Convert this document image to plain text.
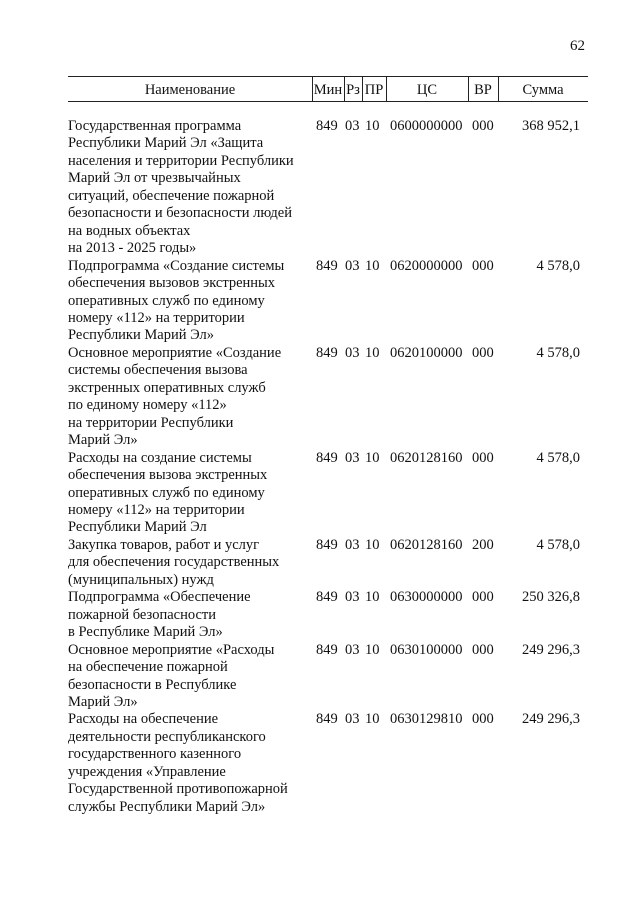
62
Наименование	Мин Рз ПР	ЦС	ВР	Сумма
Государственная программа
Республики Марий Эл «Защита
населения и территории Республики
Марий Эл от чрезвычайных
ситуаций, обеспечение пожарной
безопасности и безопасности людей
на водных объектах
на 2013 - 2025 годы»
849 03 10 0600000000 000	368 952,1
Подпрограмма «Создание системы
обеспечения вызовов экстренных
оперативных служб по единому
номеру «112» на территории
Республики Марий Эл»
849 03 10 0620000000 000	4 578,0
Основное мероприятие «Создание
системы обеспечения вызова
экстренных оперативных служб
по единому номеру «112»
на территории Республики
Марий Эл»
849 03 10 0620100000 000	4 578,0
Расходы на создание системы
обеспечения вызова экстренных
оперативных служб по единому
номеру «112» на территории
Республики Марий Эл
849 03 10 0620128160 000	4 578,0
Закупка товаров, работ и услуг
для обеспечения государственных
(муниципальных) нужд
849 03 10 0620128160 200	4 578,0
Подпрограмма «Обеспечение
пожарной безопасности
в Республике Марий Эл»
849 03 10 0630000000 000	250 326,8
Основное мероприятие «Расходы
на обеспечение пожарной
безопасности в Республике
Марий Эл»
849 03 10 0630100000 000	249 296,3
Расходы на обеспечение
деятельности республиканского
государственного казенного
учреждения «Управление
Государственной противопожарной
службы Республики Марий Эл»
849 03 10 0630129810 000	249 296,3
